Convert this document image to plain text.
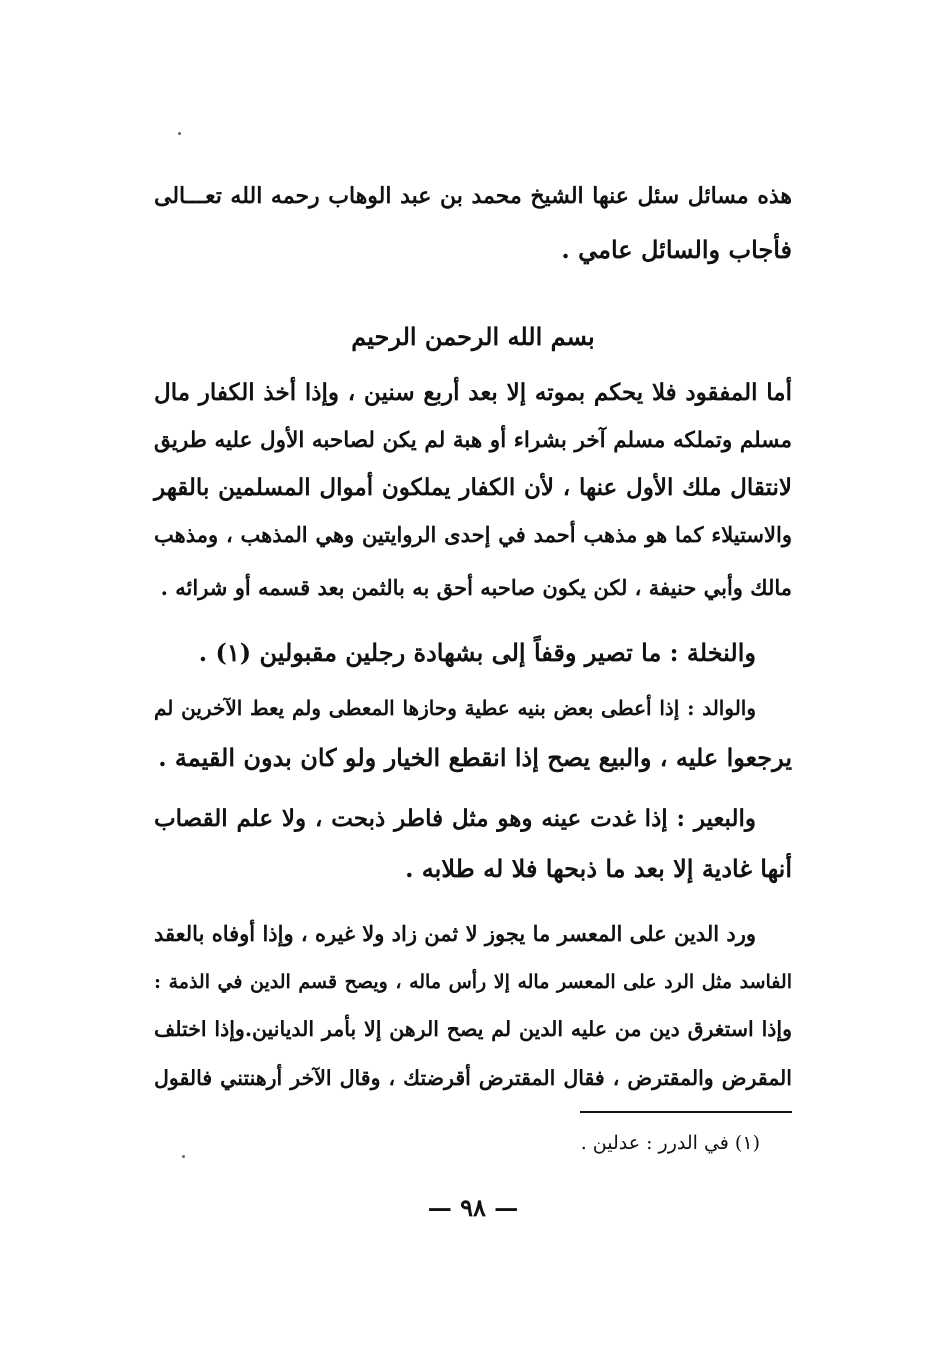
هذه مسائل سئل عنها الشيخ محمد بن عبد الوهاب رحمه الله تعـــالى
فأجاب والسائل عامي .
بسم الله الرحمن الرحيم
أما المفقود فلا يحكم بموته إلا بعد أربع سنين ، وإذا أخذ الكفار مال
مسلم وتملكه مسلم آخر بشراء أو هبة لم يكن لصاحبه الأول عليه طريق
لانتقال ملك الأول عنها ، لأن الكفار يملكون أموال المسلمين بالقهر
والاستيلاء كما هو مذهب أحمد في إحدى الروايتين وهي المذهب ، ومذهب
مالك وأبي حنيفة ، لكن يكون صاحبه أحق به بالثمن بعد قسمه أو شرائه .
والنخلة : ما تصير وقفاً إلى بشهادة رجلين مقبولين (١) .
والوالد : إذا أعطى بعض بنيه عطية وحازها المعطى ولم يعط الآخرين لم
يرجعوا عليه ، والبيع يصح إذا انقطع الخيار ولو كان بدون القيمة .
والبعير : إذا غدت عينه وهو مثل فاطر ذبحت ، ولا علم القصاب
أنها غادية إلا بعد ما ذبحها فلا له طلابه .
ورد الدين على المعسر ما يجوز لا ثمن زاد ولا غيره ، وإذا أوفاه بالعقد
الفاسد مثل الرد على المعسر ماله إلا رأس ماله ، ويصح قسم الدين في الذمة :
وإذا استغرق دين من عليه الدين لم يصح الرهن إلا بأمر الديانين.وإذا اختلف
المقرض والمقترض ، فقال المقترض أقرضتك ، وقال الآخر أرهنتني فالقول
(١) في الدرر : عدلين .
— ٩٨ —
